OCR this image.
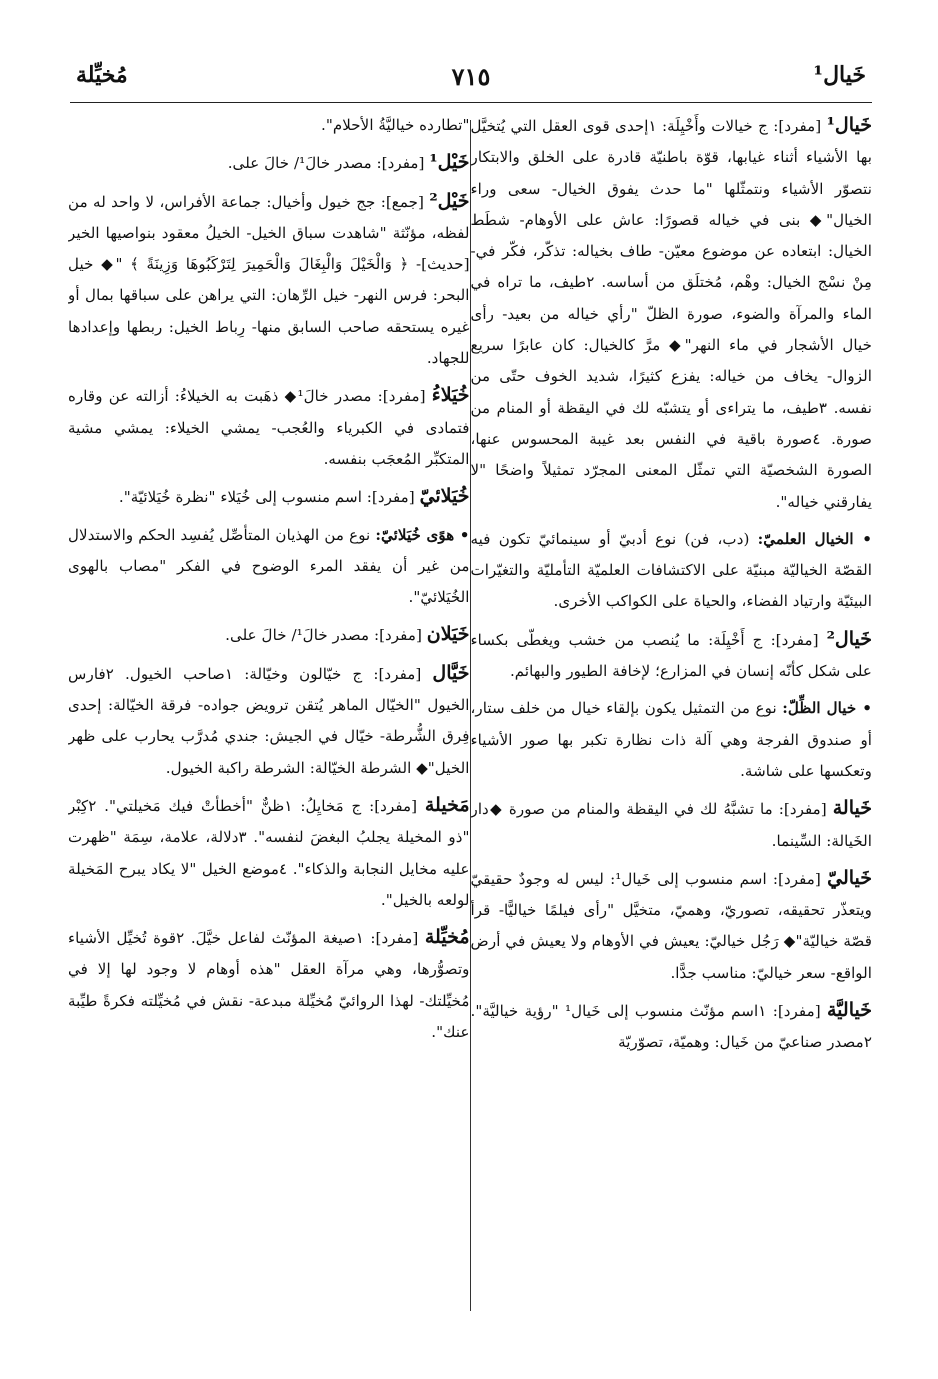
خَيال¹
٧١٥
مُخيِّلة

خَيال¹ [مفرد]: ج خيالات وأَخْيِلَة: ١إحدى قوى العقل التي يُتخيَّل بها الأشياء أثناء غيابها، قوّة باطنيّة قادرة على الخلق والابتكار نتصوّر الأشياء ونتمثّلها "ما حدث يفوق الخيال- سعى وراء الخيال"◆ بنى في خياله قصورًا: عاش على الأوهام- شطَط الخيال: ابتعاده عن موضوع معيّن- طاف بخياله: تذكّر، فكّر في- مِنْ نسْج الخيال: وهْم، مُختلَق من أساسه. ٢طيف، ما تراه في الماء والمرآة والضوء، صورة الظلّ "رأي خياله من بعيد- رأى خيال الأشجار في ماء النهر"◆ مرَّ كالخيال: كان عابرًا سريع الزوال- يخاف من خياله: يفزع كثيرًا، شديد الخوف حتّى من نفسه. ٣طيف، ما يتراءى أو يتشبّه لك في اليقظة أو المنام من صورة. ٤صورة باقية في النفس بعد غيبة المحسوس عنها، الصورة الشخصيّة التي تمثّل المعنى المجرّد تمثيلاً واضحًا "لا يفارقني خياله".

• الخيال العلميّ: (دب، فن) نوع أدبيّ أو سينمائيّ تكون فيه القصّة الخياليّة مبنيّة على الاكتشافات العلميّة التأمليّة والتغيّرات البيئيّة وارتياد الفضاء، والحياة على الكواكب الأخرى.

خَيال² [مفرد]: ج أَخْيِلَة: ما يُنصب من خشب ويغطّى بكساء على شكل كأنّه إنسان في المزارع؛ لإخافة الطيور والبهائم.

• خيال الظِّلّ: نوع من التمثيل يكون بإلقاء خيال من خلف ستار، أو صندوق الفرجة وهي آلة ذات نظارة تكبر بها صور الأشياء وتعكسها على شاشة.

خَيالة [مفرد]: ما تشبَّهُ لك في اليقظة والمنام من صورة ◆دار الخَيالة: السِّينما.

خَياليّ [مفرد]: اسم منسوب إلى خَيال¹: ليس له وجودٌ حقيقيّ ويتعذّر تحقيقه، تصوريّ، وهميّ، متخيَّل "رأى فيلمًا خياليًّا- قرأ قصّة خياليّة"◆ رَجُل خياليّ: يعيش في الأوهام ولا يعيش في أرض الواقع- سعر خياليّ: مناسب جدًّا.

خَياليَّة [مفرد]: ١اسم مؤنّث منسوب إلى خَيال¹ "رؤية خياليَّة". ٢مصدر صناعيّ من خَيال: وهميّة، تصوّريّة

"تطارده خياليَّةُ الأحلام".

خَيْل¹ [مفرد]: مصدر خالَ¹/ خالَ على.

خَيْل² [جمع]: جج خيول وأخيال: جماعة الأفراس، لا واحد له من لفظه، مؤنّثة "شاهدت سباق الخيل- الخيلُ معقود بنواصيها الخير [حديث]- ﴿ وَالْخَيْلَ وَالْبِغَالَ وَالْحَمِيرَ لِتَرْكَبُوهَا وَزِينَةً ﴾ "◆ خيل البحر: فرس النهر- خيل الرِّهان: التي يراهن على سباقها بمال أو غيره يستحقه صاحب السابق منها- رِباط الخيل: ربطها وإعدادها للجهاد.

خُيَلاءُ [مفرد]: مصدر خالَ¹◆ ذهَبت به الخيلاءُ: أزالته عن وقاره فتمادى في الكبرياء والعُجب- يمشي الخيلاء: يمشي مشية المتكبِّر المُعجَب بنفسه.

خُيَلائيّ [مفرد]: اسم منسوب إلى خُيَلاء "نظرة خُيَلائيّة".

• هوًى خُيَلائيّ: نوع من الهذيان المتأصِّل يُفسِد الحكم والاستدلال من غير أن يفقد المرء الوضوح في الفكر "مصاب بالهوى الخُيَلائيّ".

خَيَلان [مفرد]: مصدر خالَ¹/ خالَ على.

خَيَّال [مفرد]: ج خيّالون وخيّالة: ١صاحب الخيول. ٢فارس الخيول "الخيّال الماهر يُتقن ترويض جواده- فرقة الخيّالة: إحدى فِرق الشُّرطة- خيّال في الجيش: جندي مُدرَّب يحارب على ظهر الخيل"◆ الشرطة الخيّالة: الشرطة راكبة الخيول.

مَخيلة [مفرد]: ج مَخايِلُ: ١ظنٌّ "أخطأتْ فيك مَخيلتي". ٢كِبْر "ذو المخيلة يجلبُ البغضَ لنفسه". ٣دلالة، علامة، سِمَة "ظهرت عليه مخايل النجابة والذكاء". ٤موضع الخيل "لا يكاد يبرح المَخيلة لولعه بالخيل".

مُخيِّلة [مفرد]: ١صيغة المؤنّث لفاعل خيَّلَ. ٢قوة تُخيِّل الأشياء وتصوُّرها، وهي مرآة العقل "هذه أوهام لا وجود لها إلا في مُخيِّلتك- لهذا الروائيّ مُخيِّلة مبدعة- نقش في مُخيِّلته فكرةً طيِّبة عنك".
